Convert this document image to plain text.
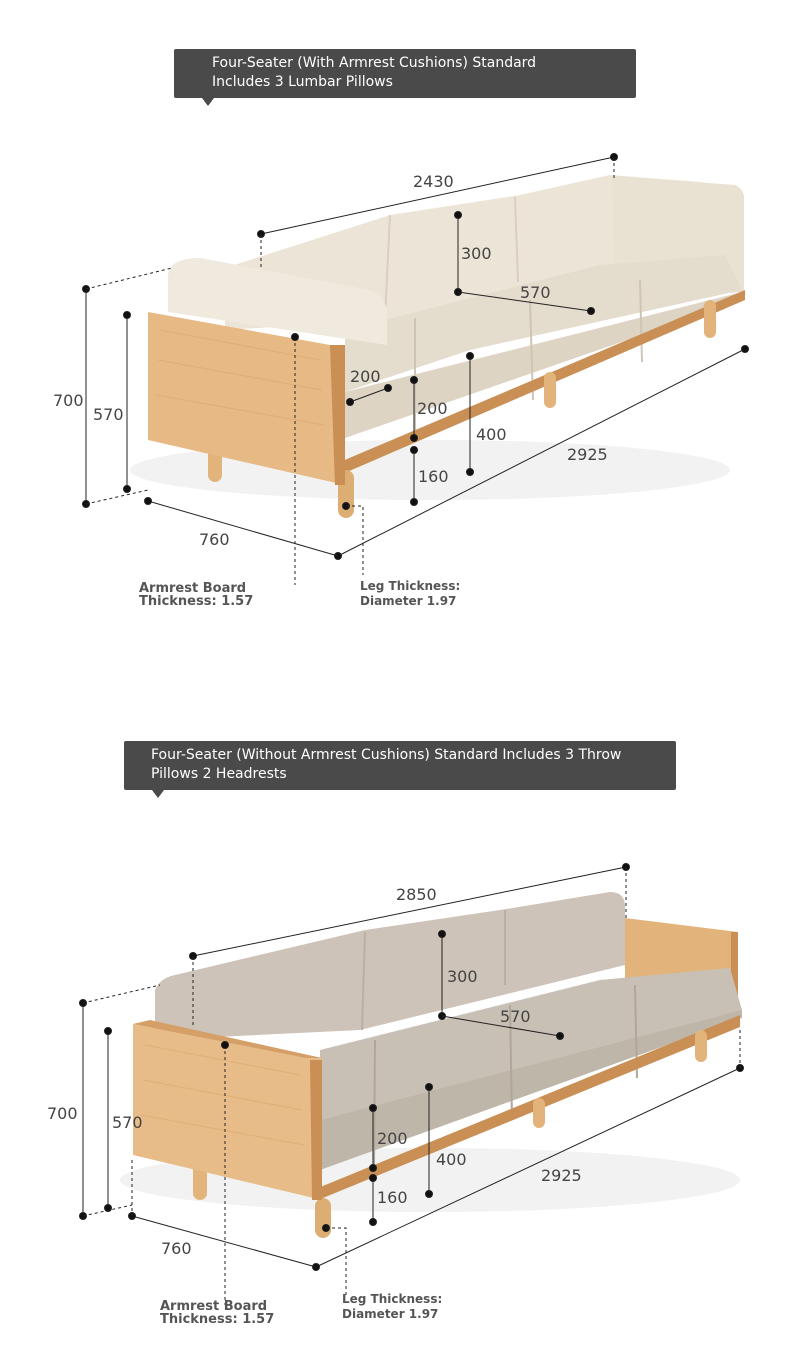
Four-Seater (With Armrest Cushions) Standard
Includes 3 Lumbar Pillows
2430
300
570
200
200
400
2925
160
700
570
760
Armrest Board
Thickness: 1.57
Leg Thickness:
Diameter 1.97
Four-Seater (Without Armrest Cushions) Standard Includes 3 Throw
Pillows 2 Headrests
2850
300
570
200
400
2925
160
700 570
760
Armrest Board
Thickness: 1.57
Leg Thickness:
Diameter 1.97
